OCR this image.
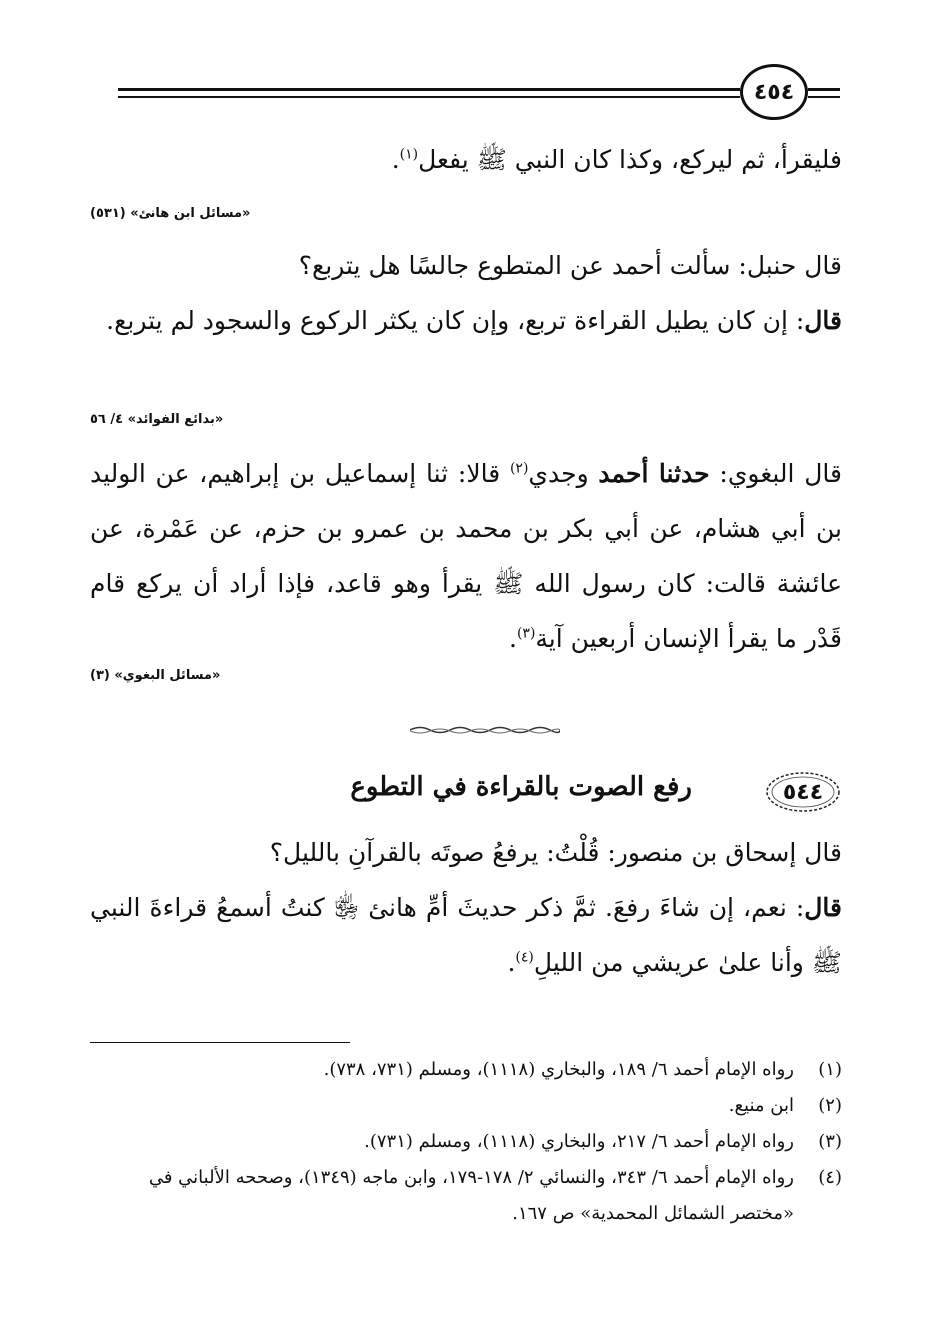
٤٥٤
فليقرأ، ثم ليركع، وكذا كان النبي ﷺ يفعل$^{(١)}$.
«مسائل ابن هانئ» (٥٣١)
قال حنبل: سألت أحمد عن المتطوع جالسًا هل يتربع؟
قال: إن كان يطيل القراءة تربع، وإن كان يكثر الركوع والسجود لم يتربع.
«بدائع الفوائد» ٤/ ٥٦
قال البغوي: حدثنا أحمد وجدي$^{(٢)}$ قالا: ثنا إسماعيل بن إبراهيم، عن الوليد بن أبي هشام، عن أبي بكر بن محمد بن عمرو بن حزم، عن عَمْرة، عن عائشة قالت: كان رسول الله ﷺ يقرأ وهو قاعد، فإذا أراد أن يركع قام قَدْر ما يقرأ الإنسان أربعين آية$^{(٣)}$.
«مسائل البغوي» (٣)
٥٤٤
رفع الصوت بالقراءة في التطوع
قال إسحاق بن منصور: قُلْتُ: يرفعُ صوتَه بالقرآنِ بالليل؟
قال: نعم، إن شاءَ رفعَ. ثمَّ ذكر حديثَ أمِّ هانئ ﵂ كنتُ أسمعُ قراءةَ النبي ﷺ وأنا علىٰ عريشي من الليلِ$^{(٤)}$.
(١)
رواه الإمام أحمد ٦/ ١٨٩، والبخاري (١١١٨)، ومسلم (٧٣١، ٧٣٨).
(٢)
ابن منيع.
(٣)
رواه الإمام أحمد ٦/ ٢١٧، والبخاري (١١١٨)، ومسلم (٧٣١).
(٤)
رواه الإمام أحمد ٦/ ٣٤٣، والنسائي ٢/ ١٧٨-١٧٩، وابن ماجه (١٣٤٩)، وصححه الألباني في «مختصر الشمائل المحمدية» ص ١٦٧.
